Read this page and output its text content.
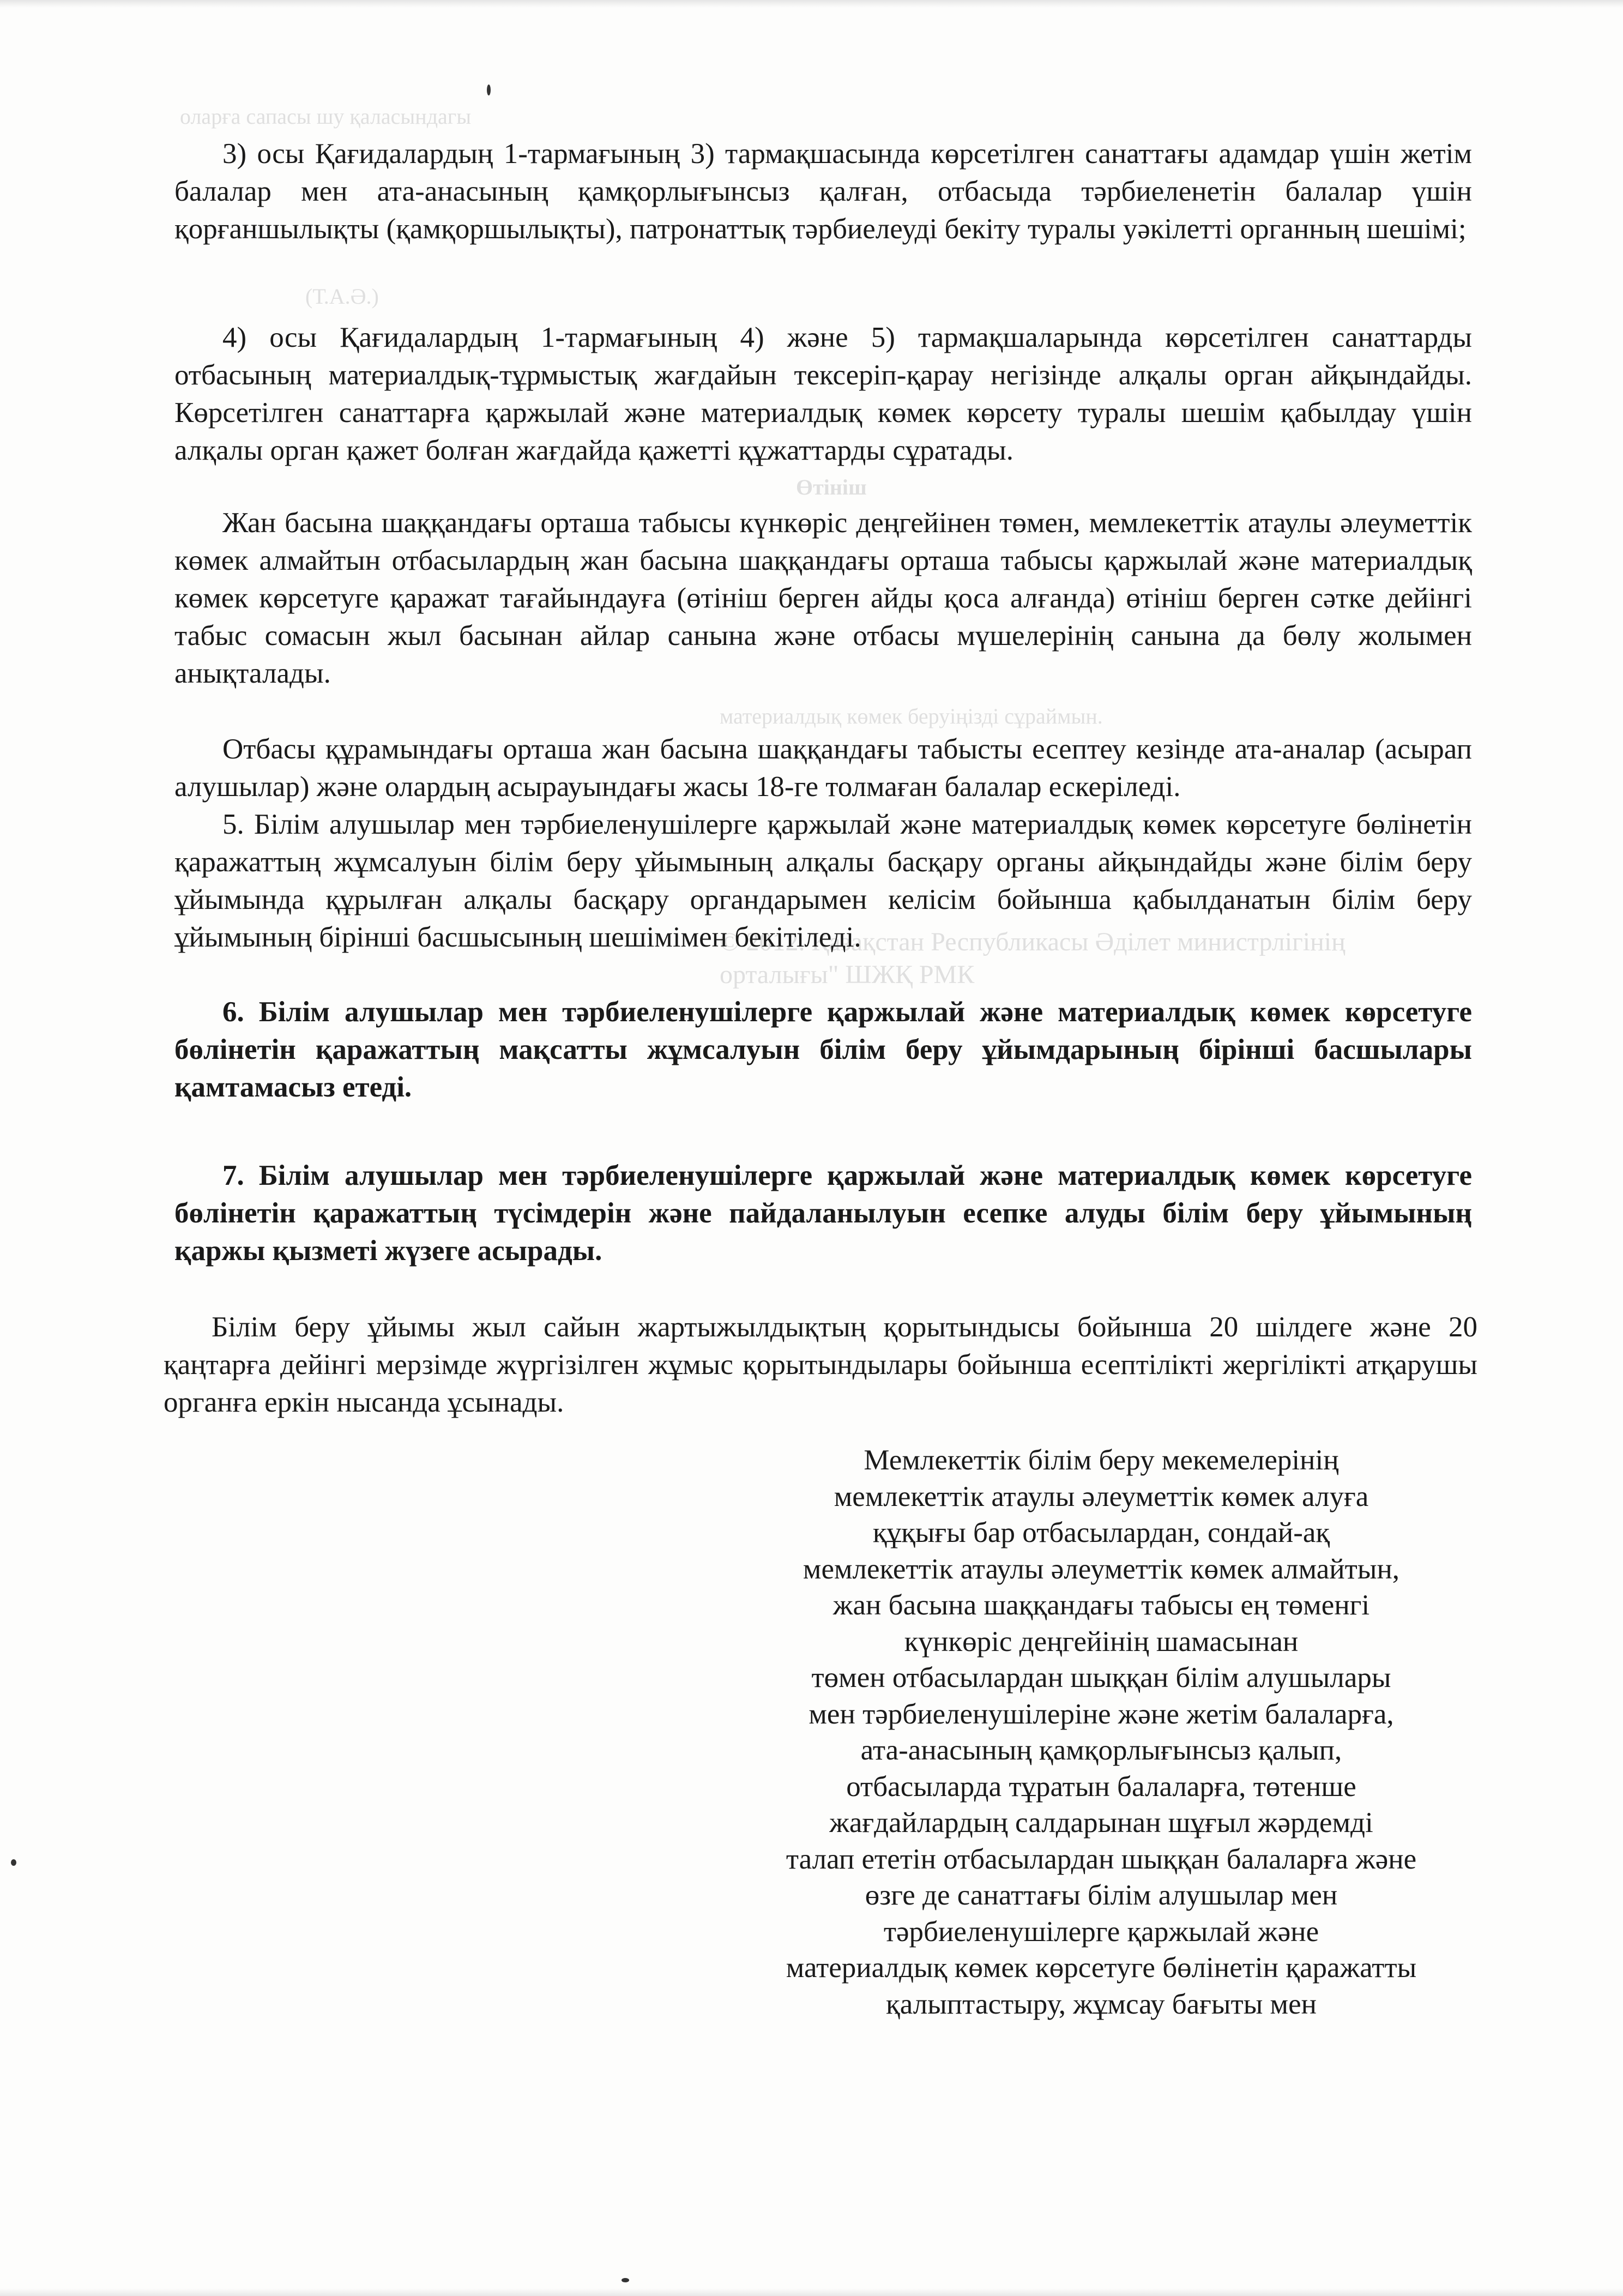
оларға сапасы шу қаласындагы
(Т.А.Ә.)
Өтініш
материалдық көмек беруіңізді сұраймын.
© 2012. Қазақстан Республикасы Әділет министрлігінің
орталығы" ШЖҚ РМК
3) осы Қағидалардың 1-тармағының 3) тармақшасында көрсетілген санаттағы адамдар үшін жетім балалар мен ата-анасының қамқорлығынсыз қалған, отбасыда тәрбиеленетін балалар үшін қорғаншылықты (қамқоршылықты), патронаттық тәрбиелеуді бекіту туралы уәкілетті органның шешімі;
4) осы Қағидалардың 1-тармағының 4) және 5) тармақшаларында көрсетілген санаттарды отбасының материалдық-тұрмыстық жағдайын тексеріп-қарау негізінде алқалы орган айқындайды. Көрсетілген санаттарға қаржылай және материалдық көмек көрсету туралы шешім қабылдау үшін алқалы орган қажет болған жағдайда қажетті құжаттарды сұратады.
Жан басына шаққандағы орташа табысы күнкөріс деңгейінен төмен, мемлекеттік атаулы әлеуметтік көмек алмайтын отбасылардың жан басына шаққандағы орташа табысы қаржылай және материалдық көмек көрсетуге қаражат тағайындауға (өтініш берген айды қоса алғанда) өтініш берген сәтке дейінгі табыс сомасын жыл басынан айлар санына және отбасы мүшелерінің санына да бөлу жолымен анықталады.
Отбасы құрамындағы орташа жан басына шаққандағы табысты есептеу кезінде ата-аналар (асырап алушылар) және олардың асырауындағы жасы 18-ге толмаған балалар ескеріледі.
5. Білім алушылар мен тәрбиеленушілерге қаржылай және материалдық көмек көрсетуге бөлінетін қаражаттың жұмсалуын білім беру ұйымының алқалы басқару органы айқындайды және білім беру ұйымында құрылған алқалы басқару органдарымен келісім бойынша қабылданатын білім беру ұйымының бірінші басшысының шешімімен бекітіледі.
6. Білім алушылар мен тәрбиеленушілерге қаржылай және материалдық көмек көрсетуге бөлінетін қаражаттың мақсатты жұмсалуын білім беру ұйымдарының бірінші басшылары қамтамасыз етеді.
7. Білім алушылар мен тәрбиеленушілерге қаржылай және материалдық көмек көрсетуге бөлінетін қаражаттың түсімдерін және пайдаланылуын есепке алуды білім беру ұйымының қаржы қызметі жүзеге асырады.
Білім беру ұйымы жыл сайын жартыжылдықтың қорытындысы бойынша 20 шілдеге және 20 қаңтарға дейінгі мерзімде жүргізілген жұмыс қорытындылары бойынша есептілікті жергілікті атқарушы органға еркін нысанда ұсынады.
Мемлекеттік білім беру мекемелерінің
мемлекеттік атаулы әлеуметтік көмек алуға
құқығы бар отбасылардан, сондай-ақ
мемлекеттік атаулы әлеуметтік көмек алмайтын,
жан басына шаққандағы табысы ең төменгі
күнкөріс деңгейінің шамасынан
төмен отбасылардан шыққан білім алушылары
мен тәрбиеленушілеріне және жетім балаларға,
ата-анасының қамқорлығынсыз қалып,
отбасыларда тұратын балаларға, төтенше
жағдайлардың салдарынан шұғыл жәрдемді
талап ететін отбасылардан шыққан балаларға және
өзге де санаттағы білім алушылар мен
тәрбиеленушілерге қаржылай және
материалдық көмек көрсетуге бөлінетін қаражатты
қалыптастыру, жұмсау бағыты мен
